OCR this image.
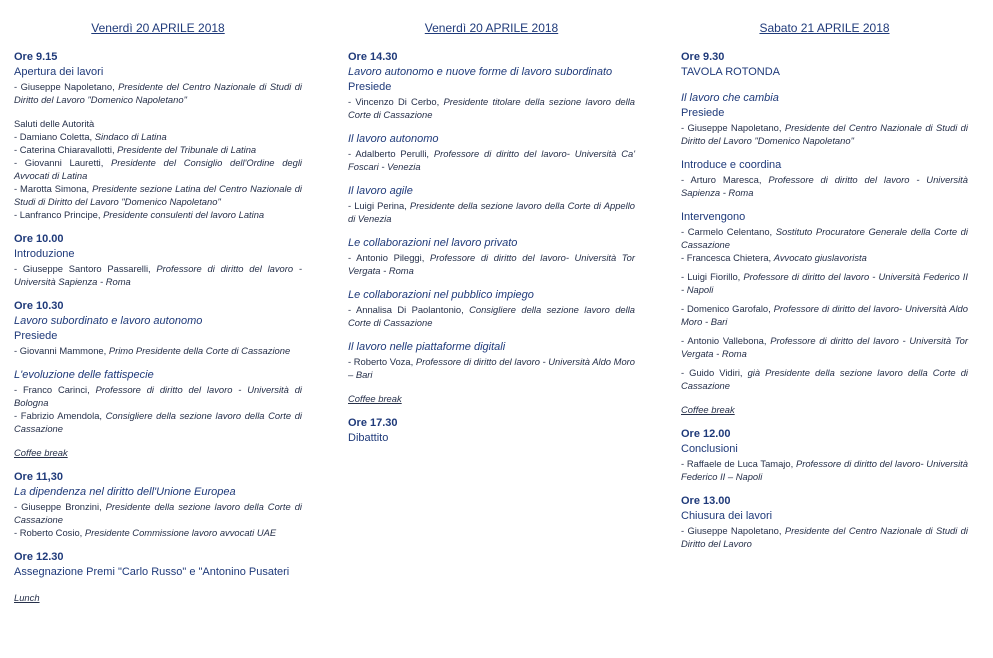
Venerdì 20 APRILE 2018
Ore 9.15
Apertura dei lavori
- Giuseppe Napoletano, Presidente del Centro Nazionale di Studi di Diritto del Lavoro "Domenico Napoletano"
Saluti delle Autorità
- Damiano Coletta, Sindaco di Latina
- Caterina Chiaravallotti, Presidente del Tribunale di Latina
- Giovanni Lauretti, Presidente del Consiglio dell'Ordine degli Avvocati di Latina
- Marotta Simona, Presidente sezione Latina del Centro Nazionale di Studi di Diritto del Lavoro "Domenico Napoletano"
- Lanfranco Principe, Presidente consulenti del lavoro Latina
Ore 10.00
Introduzione
- Giuseppe Santoro Passarelli, Professore di diritto del lavoro - Università Sapienza - Roma
Ore 10.30
Lavoro subordinato e lavoro autonomo
Presiede
- Giovanni Mammone, Primo Presidente della Corte di Cassazione
L'evoluzione delle fattispecie
- Franco Carinci, Professore di diritto del lavoro - Università di Bologna
- Fabrizio Amendola, Consigliere della sezione lavoro della Corte di Cassazione
Coffee break
Ore 11,30
La dipendenza nel diritto dell'Unione Europea
- Giuseppe Bronzini, Presidente della sezione lavoro della Corte di Cassazione
- Roberto Cosio, Presidente Commissione lavoro avvocati UAE
Ore 12.30
Assegnazione Premi "Carlo Russo" e "Antonino Pusateri
Lunch
Venerdì 20 APRILE 2018
Ore 14.30
Lavoro autonomo e nuove forme di lavoro subordinato
Presiede
- Vincenzo Di Cerbo, Presidente titolare della sezione lavoro della Corte di Cassazione
Il lavoro autonomo
- Adalberto Perulli, Professore di diritto del lavoro- Università Ca' Foscari - Venezia
Il lavoro agile
- Luigi Perina, Presidente della sezione lavoro della Corte di Appello di Venezia
Le collaborazioni nel lavoro privato
- Antonio Pileggi, Professore di diritto del lavoro- Università Tor Vergata - Roma
Le collaborazioni nel pubblico impiego
- Annalisa Di Paolantonio, Consigliere della sezione lavoro della Corte di Cassazione
Il lavoro nelle piattaforme digitali
- Roberto Voza, Professore di diritto del lavoro - Università Aldo Moro – Bari
Coffee break
Ore 17.30
Dibattito
Sabato 21 APRILE 2018
Ore 9.30
TAVOLA ROTONDA
Il lavoro che cambia
Presiede
- Giuseppe Napoletano, Presidente del Centro Nazionale di Studi di Diritto del Lavoro "Domenico Napoletano"
Introduce e coordina
- Arturo Maresca, Professore di diritto del lavoro - Università Sapienza - Roma
Intervengono
- Carmelo Celentano, Sostituto Procuratore Generale della Corte di Cassazione
- Francesca Chietera, Avvocato giuslavorista
- Luigi Fiorillo, Professore di diritto del lavoro - Università Federico II - Napoli
- Domenico Garofalo, Professore di diritto del lavoro- Università Aldo Moro - Bari
- Antonio Vallebona, Professore di diritto del lavoro - Università Tor Vergata - Roma
- Guido Vidiri, già Presidente della sezione lavoro della Corte di Cassazione
Coffee break
Ore 12.00
Conclusioni
- Raffaele de Luca Tamajo, Professore di diritto del lavoro- Università Federico II – Napoli
Ore 13.00
Chiusura dei lavori
- Giuseppe Napoletano, Presidente del Centro Nazionale di Studi di Diritto del Lavoro
